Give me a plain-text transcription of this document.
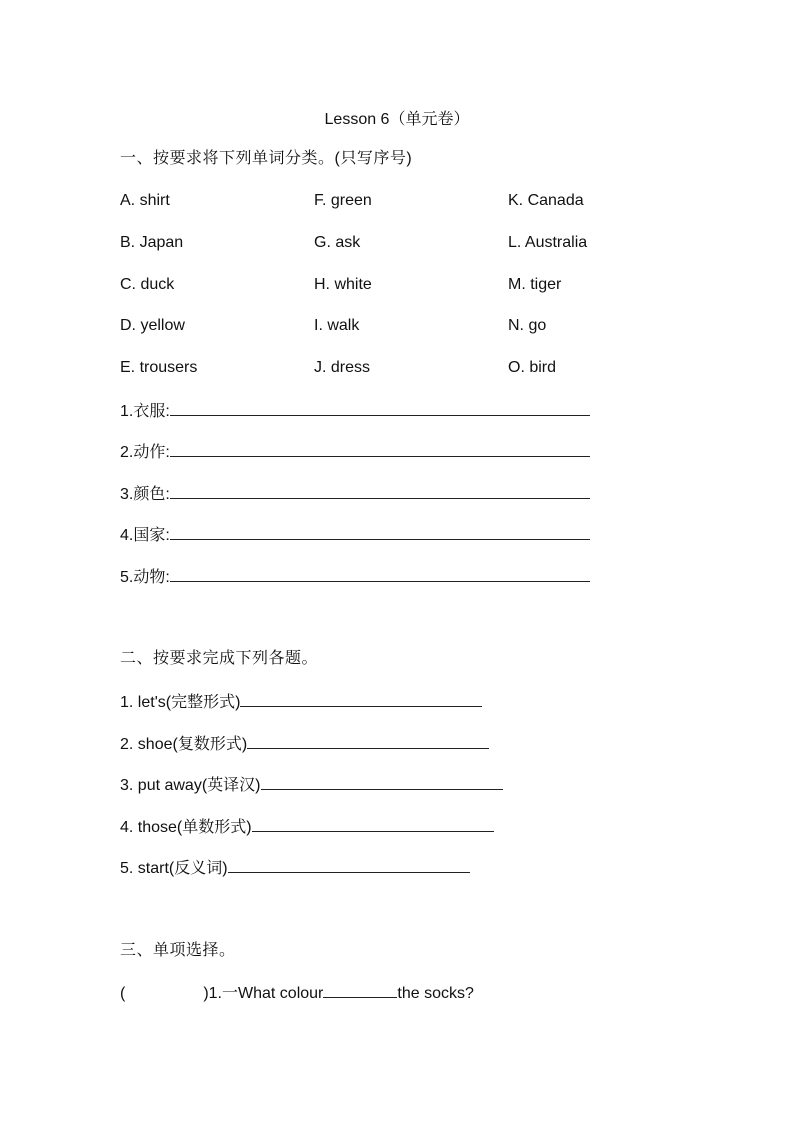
Lesson 6（单元卷）
一、按要求将下列单词分类。(只写序号)
A. shirt	F. green	K. Canada
B. Japan	G. ask	L. Australia
C. duck	H. white	M. tiger
D. yellow	I. walk	N. go
E. trousers	J. dress	O. bird
1.衣服:
2.动作:
3.颜色:
4.国家:
5.动物:
二、按要求完成下列各题。
1. let's(完整形式)
2. shoe(复数形式)
3. put away(英译汉)
4. those(单数形式)
5. start(反义词)
三、单项选择。
(	)1.一What colour	the socks?
